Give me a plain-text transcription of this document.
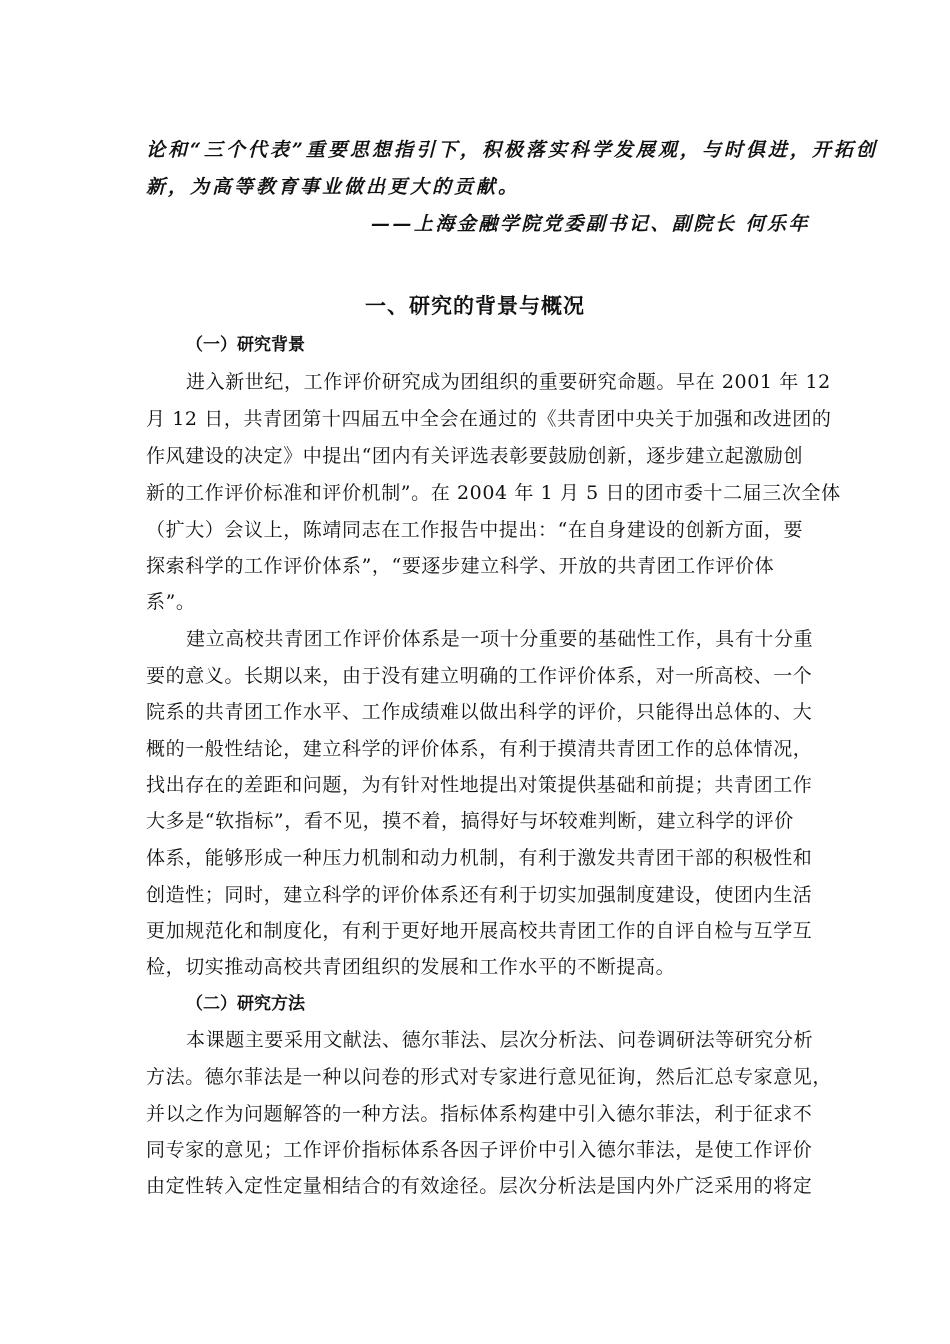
论和“三个代表”重要思想指引下，积极落实科学发展观，与时俱进，开拓创
新，为高等教育事业做出更大的贡献。
——上海金融学院党委副书记、副院长 何乐年
一、研究的背景与概况
（一）研究背景
进入新世纪，工作评价研究成为团组织的重要研究命题。早在 2001 年 12
月 12 日，共青团第十四届五中全会在通过的《共青团中央关于加强和改进团的
作风建设的决定》中提出“团内有关评选表彰要鼓励创新，逐步建立起激励创
新的工作评价标准和评价机制”。在 2004 年 1 月 5 日的团市委十二届三次全体
（扩大）会议上，陈靖同志在工作报告中提出：“在自身建设的创新方面，要
探索科学的工作评价体系”，“要逐步建立科学、开放的共青团工作评价体
系”。
建立高校共青团工作评价体系是一项十分重要的基础性工作，具有十分重
要的意义。长期以来，由于没有建立明确的工作评价体系，对一所高校、一个
院系的共青团工作水平、工作成绩难以做出科学的评价，只能得出总体的、大
概的一般性结论，建立科学的评价体系，有利于摸清共青团工作的总体情况，
找出存在的差距和问题，为有针对性地提出对策提供基础和前提；共青团工作
大多是“软指标”，看不见，摸不着，搞得好与坏较难判断，建立科学的评价
体系，能够形成一种压力机制和动力机制，有利于激发共青团干部的积极性和
创造性；同时，建立科学的评价体系还有利于切实加强制度建设，使团内生活
更加规范化和制度化，有利于更好地开展高校共青团工作的自评自检与互学互
检，切实推动高校共青团组织的发展和工作水平的不断提高。
（二）研究方法
本课题主要采用文献法、德尔菲法、层次分析法、问卷调研法等研究分析
方法。德尔菲法是一种以问卷的形式对专家进行意见征询，然后汇总专家意见，
并以之作为问题解答的一种方法。指标体系构建中引入德尔菲法，利于征求不
同专家的意见；工作评价指标体系各因子评价中引入德尔菲法，是使工作评价
由定性转入定性定量相结合的有效途径。层次分析法是国内外广泛采用的将定
